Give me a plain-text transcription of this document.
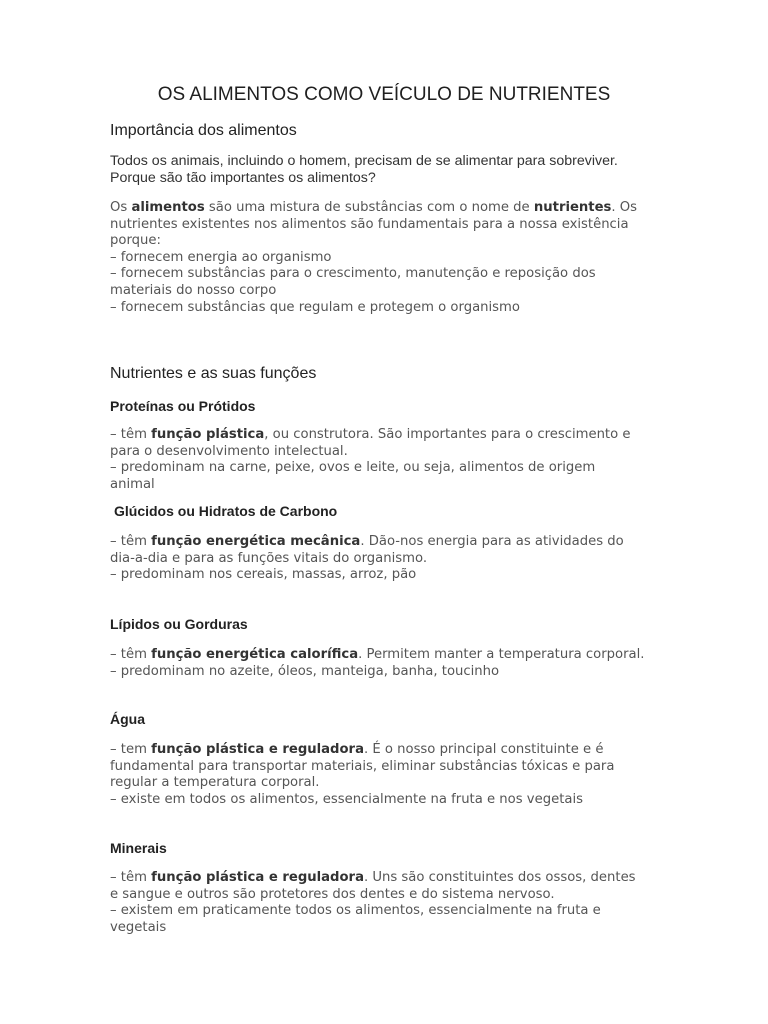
OS ALIMENTOS COMO VEÍCULO DE NUTRIENTES
Importância dos alimentos

Todos os animais, incluindo o homem, precisam de se alimentar para sobreviver.
Porque são tão importantes os alimentos?

Os alimentos são uma mistura de substâncias com o nome de nutrientes. Os
nutrientes existentes nos alimentos são fundamentais para a nossa existência
porque:
– fornecem energia ao organismo
– fornecem substâncias para o crescimento, manutenção e reposição dos
materiais do nosso corpo
– fornecem substâncias que regulam e protegem o organismo

Nutrientes e as suas funções
Proteínas ou Prótidos

– têm função plástica, ou construtora. São importantes para o crescimento e
para o desenvolvimento intelectual.
– predominam na carne, peixe, ovos e leite, ou seja, alimentos de origem
animal

Glúcidos ou Hidratos de Carbono

– têm função energética mecânica. Dão-nos energia para as atividades do
dia-a-dia e para as funções vitais do organismo.
– predominam nos cereais, massas, arroz, pão

Lípidos ou Gorduras

– têm função energética calorífica. Permitem manter a temperatura corporal.
– predominam no azeite, óleos, manteiga, banha, toucinho

Água

– tem função plástica e reguladora. É o nosso principal constituinte e é
fundamental para transportar materiais, eliminar substâncias tóxicas e para
regular a temperatura corporal.
– existe em todos os alimentos, essencialmente na fruta e nos vegetais

Minerais

– têm função plástica e reguladora. Uns são constituintes dos ossos, dentes
e sangue e outros são protetores dos dentes e do sistema nervoso.
– existem em praticamente todos os alimentos, essencialmente na fruta e
vegetais
